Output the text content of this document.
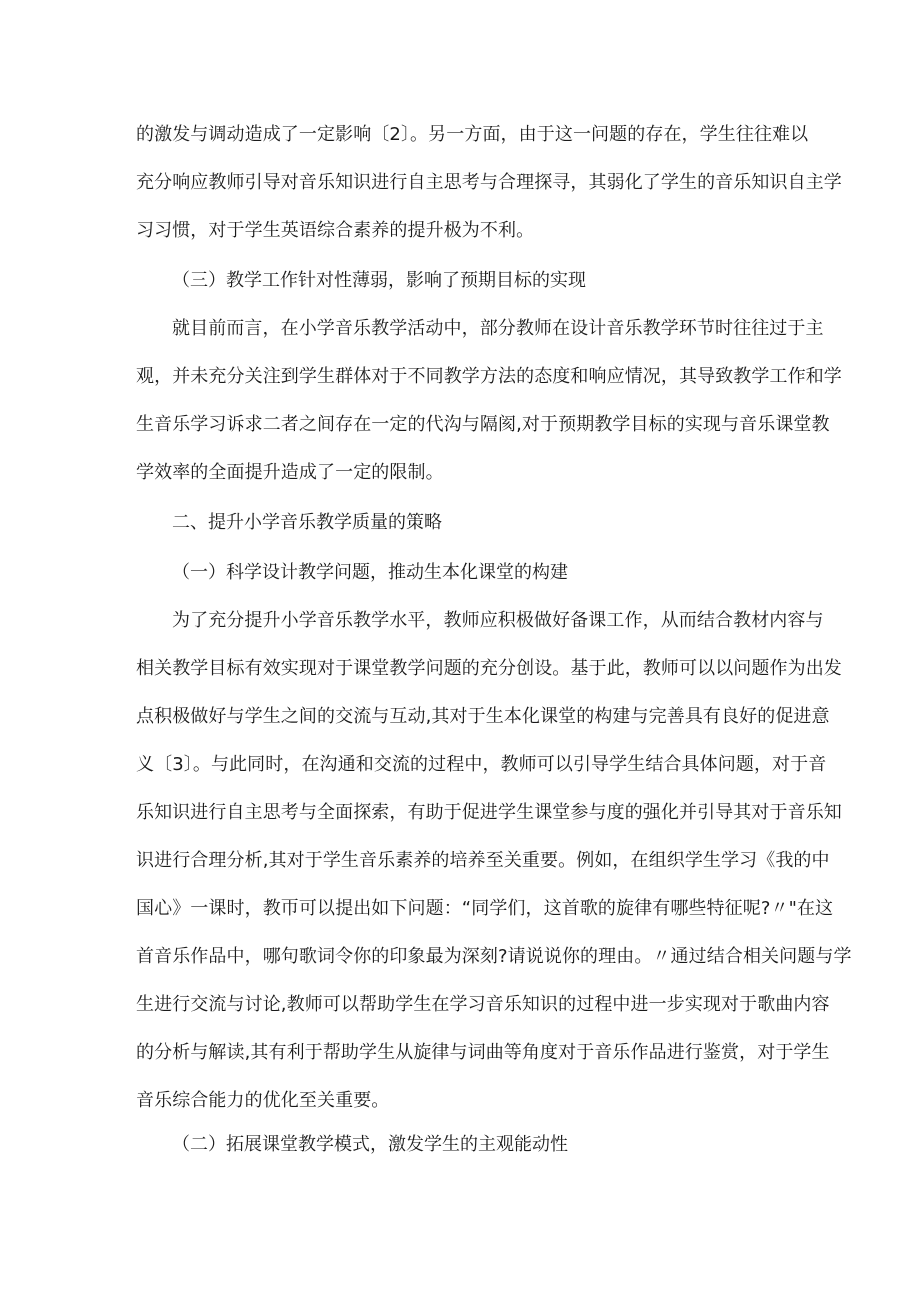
的激发与调动造成了一定影响〔2〕。另一方面，由于这一问题的存在，学生往往难以
充分响应教师引导对音乐知识进行自主思考与合理探寻，其弱化了学生的音乐知识自主学
习习惯，对于学生英语综合素养的提升极为不利。
（三）教学工作针对性薄弱，影响了预期目标的实现
就目前而言，在小学音乐教学活动中，部分教师在设计音乐教学环节时往往过于主
观，并未充分关注到学生群体对于不同教学方法的态度和响应情况，其导致教学工作和学
生音乐学习诉求二者之间存在一定的代沟与隔阂,对于预期教学目标的实现与音乐课堂教
学效率的全面提升造成了一定的限制。
二、提升小学音乐教学质量的策略
（一）科学设计教学问题，推动生本化课堂的构建
为了充分提升小学音乐教学水平，教师应积极做好备课工作，从而结合教材内容与
相关教学目标有效实现对于课堂教学问题的充分创设。基于此，教师可以以问题作为出发
点积极做好与学生之间的交流与互动,其对于生本化课堂的构建与完善具有良好的促进意
义〔3〕。与此同时，在沟通和交流的过程中，教师可以引导学生结合具体问题，对于音
乐知识进行自主思考与全面探索，有助于促进学生课堂参与度的强化并引导其对于音乐知
识进行合理分析,其对于学生音乐素养的培养至关重要。例如，在组织学生学习《我的中
国心》一课时，教帀可以提出如下问题：“同学们，这首歌的旋律有哪些特征呢?〃"在这
首音乐作品中，哪句歌词令你的印象最为深刻?请说说你的理由。〃通过结合相关问题与学
生进行交流与讨论,教师可以帮助学生在学习音乐知识的过程中进一步实现对于歌曲内容
的分析与解读,其有利于帮助学生从旋律与词曲等角度对于音乐作品进行鉴赏，对于学生
音乐综合能力的优化至关重要。
（二）拓展课堂教学模式，激发学生的主观能动性
